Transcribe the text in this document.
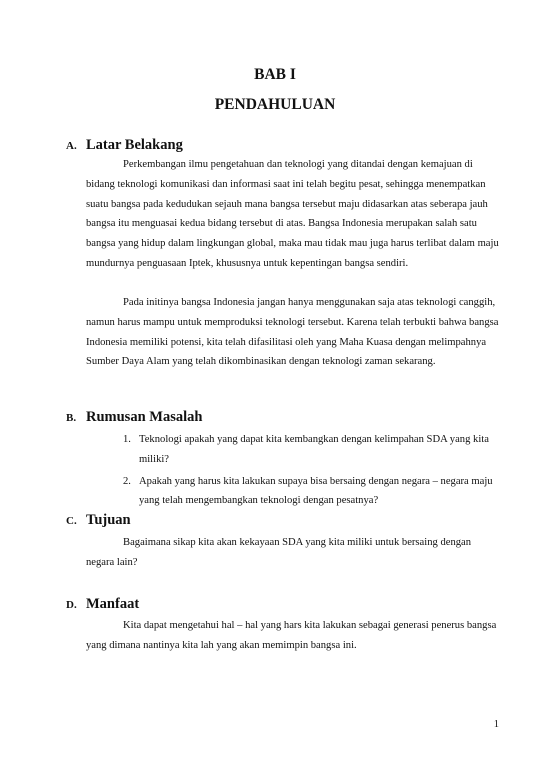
BAB I
PENDAHULUAN
A. Latar Belakang

Perkembangan ilmu pengetahuan dan teknologi yang ditandai dengan kemajuan di bidang teknologi komunikasi dan informasi saat ini telah begitu pesat, sehingga menempatkan suatu bangsa pada kedudukan sejauh mana bangsa tersebut maju didasarkan atas seberapa jauh bangsa itu menguasai kedua bidang tersebut di atas. Bangsa Indonesia merupakan salah satu bangsa yang hidup dalam lingkungan global, maka mau tidak mau juga harus terlibat dalam maju mundurnya penguasaan Iptek, khususnya untuk kepentingan bangsa sendiri.

Pada initinya bangsa Indonesia jangan hanya menggunakan saja atas teknologi canggih, namun harus mampu untuk memproduksi teknologi tersebut. Karena telah terbukti bahwa bangsa Indonesia memiliki potensi, kita telah difasilitasi oleh yang Maha Kuasa dengan melimpahnya Sumber Daya Alam yang telah dikombinasikan dengan teknologi zaman sekarang.

B. Rumusan Masalah
1. Teknologi apakah yang dapat kita kembangkan dengan kelimpahan SDA yang kita miliki?
2. Apakah yang harus kita lakukan supaya bisa bersaing dengan negara – negara maju yang telah mengembangkan teknologi dengan pesatnya?
C. Tujuan

Bagaimana sikap kita akan kekayaan SDA yang kita miliki untuk bersaing dengan negara lain?

D. Manfaat

Kita dapat mengetahui hal – hal yang hars kita lakukan sebagai generasi penerus bangsa yang dimana nantinya kita lah yang akan memimpin bangsa ini.

1
